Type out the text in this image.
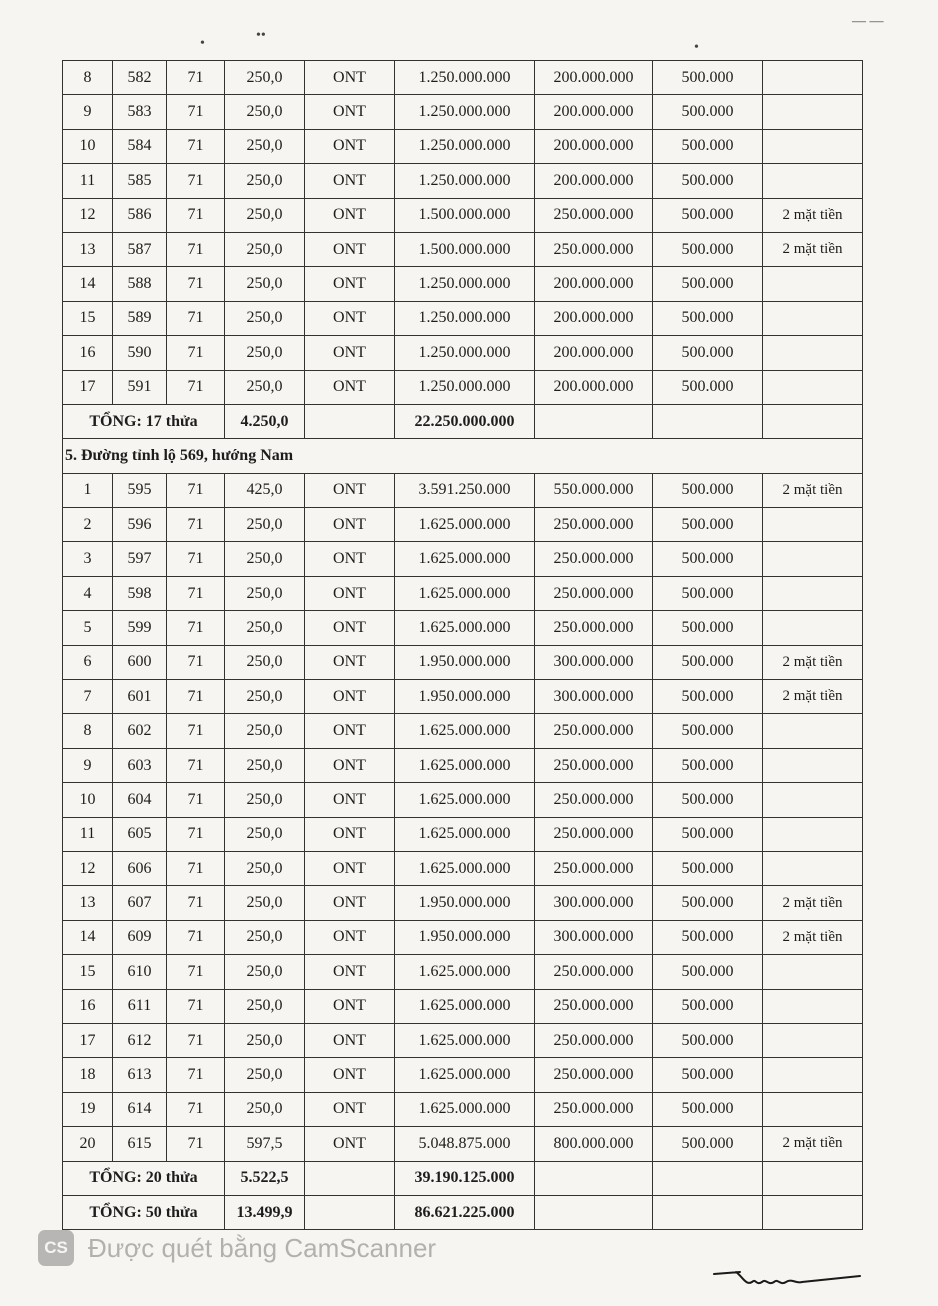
•
••
•
— —
8	582	71	250,0	ONT	1.250.000.000	200.000.000	500.000	
9	583	71	250,0	ONT	1.250.000.000	200.000.000	500.000	
10	584	71	250,0	ONT	1.250.000.000	200.000.000	500.000	
11	585	71	250,0	ONT	1.250.000.000	200.000.000	500.000	
12	586	71	250,0	ONT	1.500.000.000	250.000.000	500.000	2 mặt tiền
13	587	71	250,0	ONT	1.500.000.000	250.000.000	500.000	2 mặt tiền
14	588	71	250,0	ONT	1.250.000.000	200.000.000	500.000	
15	589	71	250,0	ONT	1.250.000.000	200.000.000	500.000	
16	590	71	250,0	ONT	1.250.000.000	200.000.000	500.000	
17	591	71	250,0	ONT	1.250.000.000	200.000.000	500.000	
TỔNG: 17 thửa			4.250,0		22.250.000.000			
5. Đường tỉnh lộ 569, hướng Nam								
1	595	71	425,0	ONT	3.591.250.000	550.000.000	500.000	2 mặt tiền
2	596	71	250,0	ONT	1.625.000.000	250.000.000	500.000	
3	597	71	250,0	ONT	1.625.000.000	250.000.000	500.000	
4	598	71	250,0	ONT	1.625.000.000	250.000.000	500.000	
5	599	71	250,0	ONT	1.625.000.000	250.000.000	500.000	
6	600	71	250,0	ONT	1.950.000.000	300.000.000	500.000	2 mặt tiền
7	601	71	250,0	ONT	1.950.000.000	300.000.000	500.000	2 mặt tiền
8	602	71	250,0	ONT	1.625.000.000	250.000.000	500.000	
9	603	71	250,0	ONT	1.625.000.000	250.000.000	500.000	
10	604	71	250,0	ONT	1.625.000.000	250.000.000	500.000	
11	605	71	250,0	ONT	1.625.000.000	250.000.000	500.000	
12	606	71	250,0	ONT	1.625.000.000	250.000.000	500.000	
13	607	71	250,0	ONT	1.950.000.000	300.000.000	500.000	2 mặt tiền
14	609	71	250,0	ONT	1.950.000.000	300.000.000	500.000	2 mặt tiền
15	610	71	250,0	ONT	1.625.000.000	250.000.000	500.000	
16	611	71	250,0	ONT	1.625.000.000	250.000.000	500.000	
17	612	71	250,0	ONT	1.625.000.000	250.000.000	500.000	
18	613	71	250,0	ONT	1.625.000.000	250.000.000	500.000	
19	614	71	250,0	ONT	1.625.000.000	250.000.000	500.000	
20	615	71	597,5	ONT	5.048.875.000	800.000.000	500.000	2 mặt tiền
TỔNG: 20 thửa			5.522,5		39.190.125.000			
TỔNG: 50 thửa			13.499,9		86.621.225.000			
CS Được quét bằng CamScanner
